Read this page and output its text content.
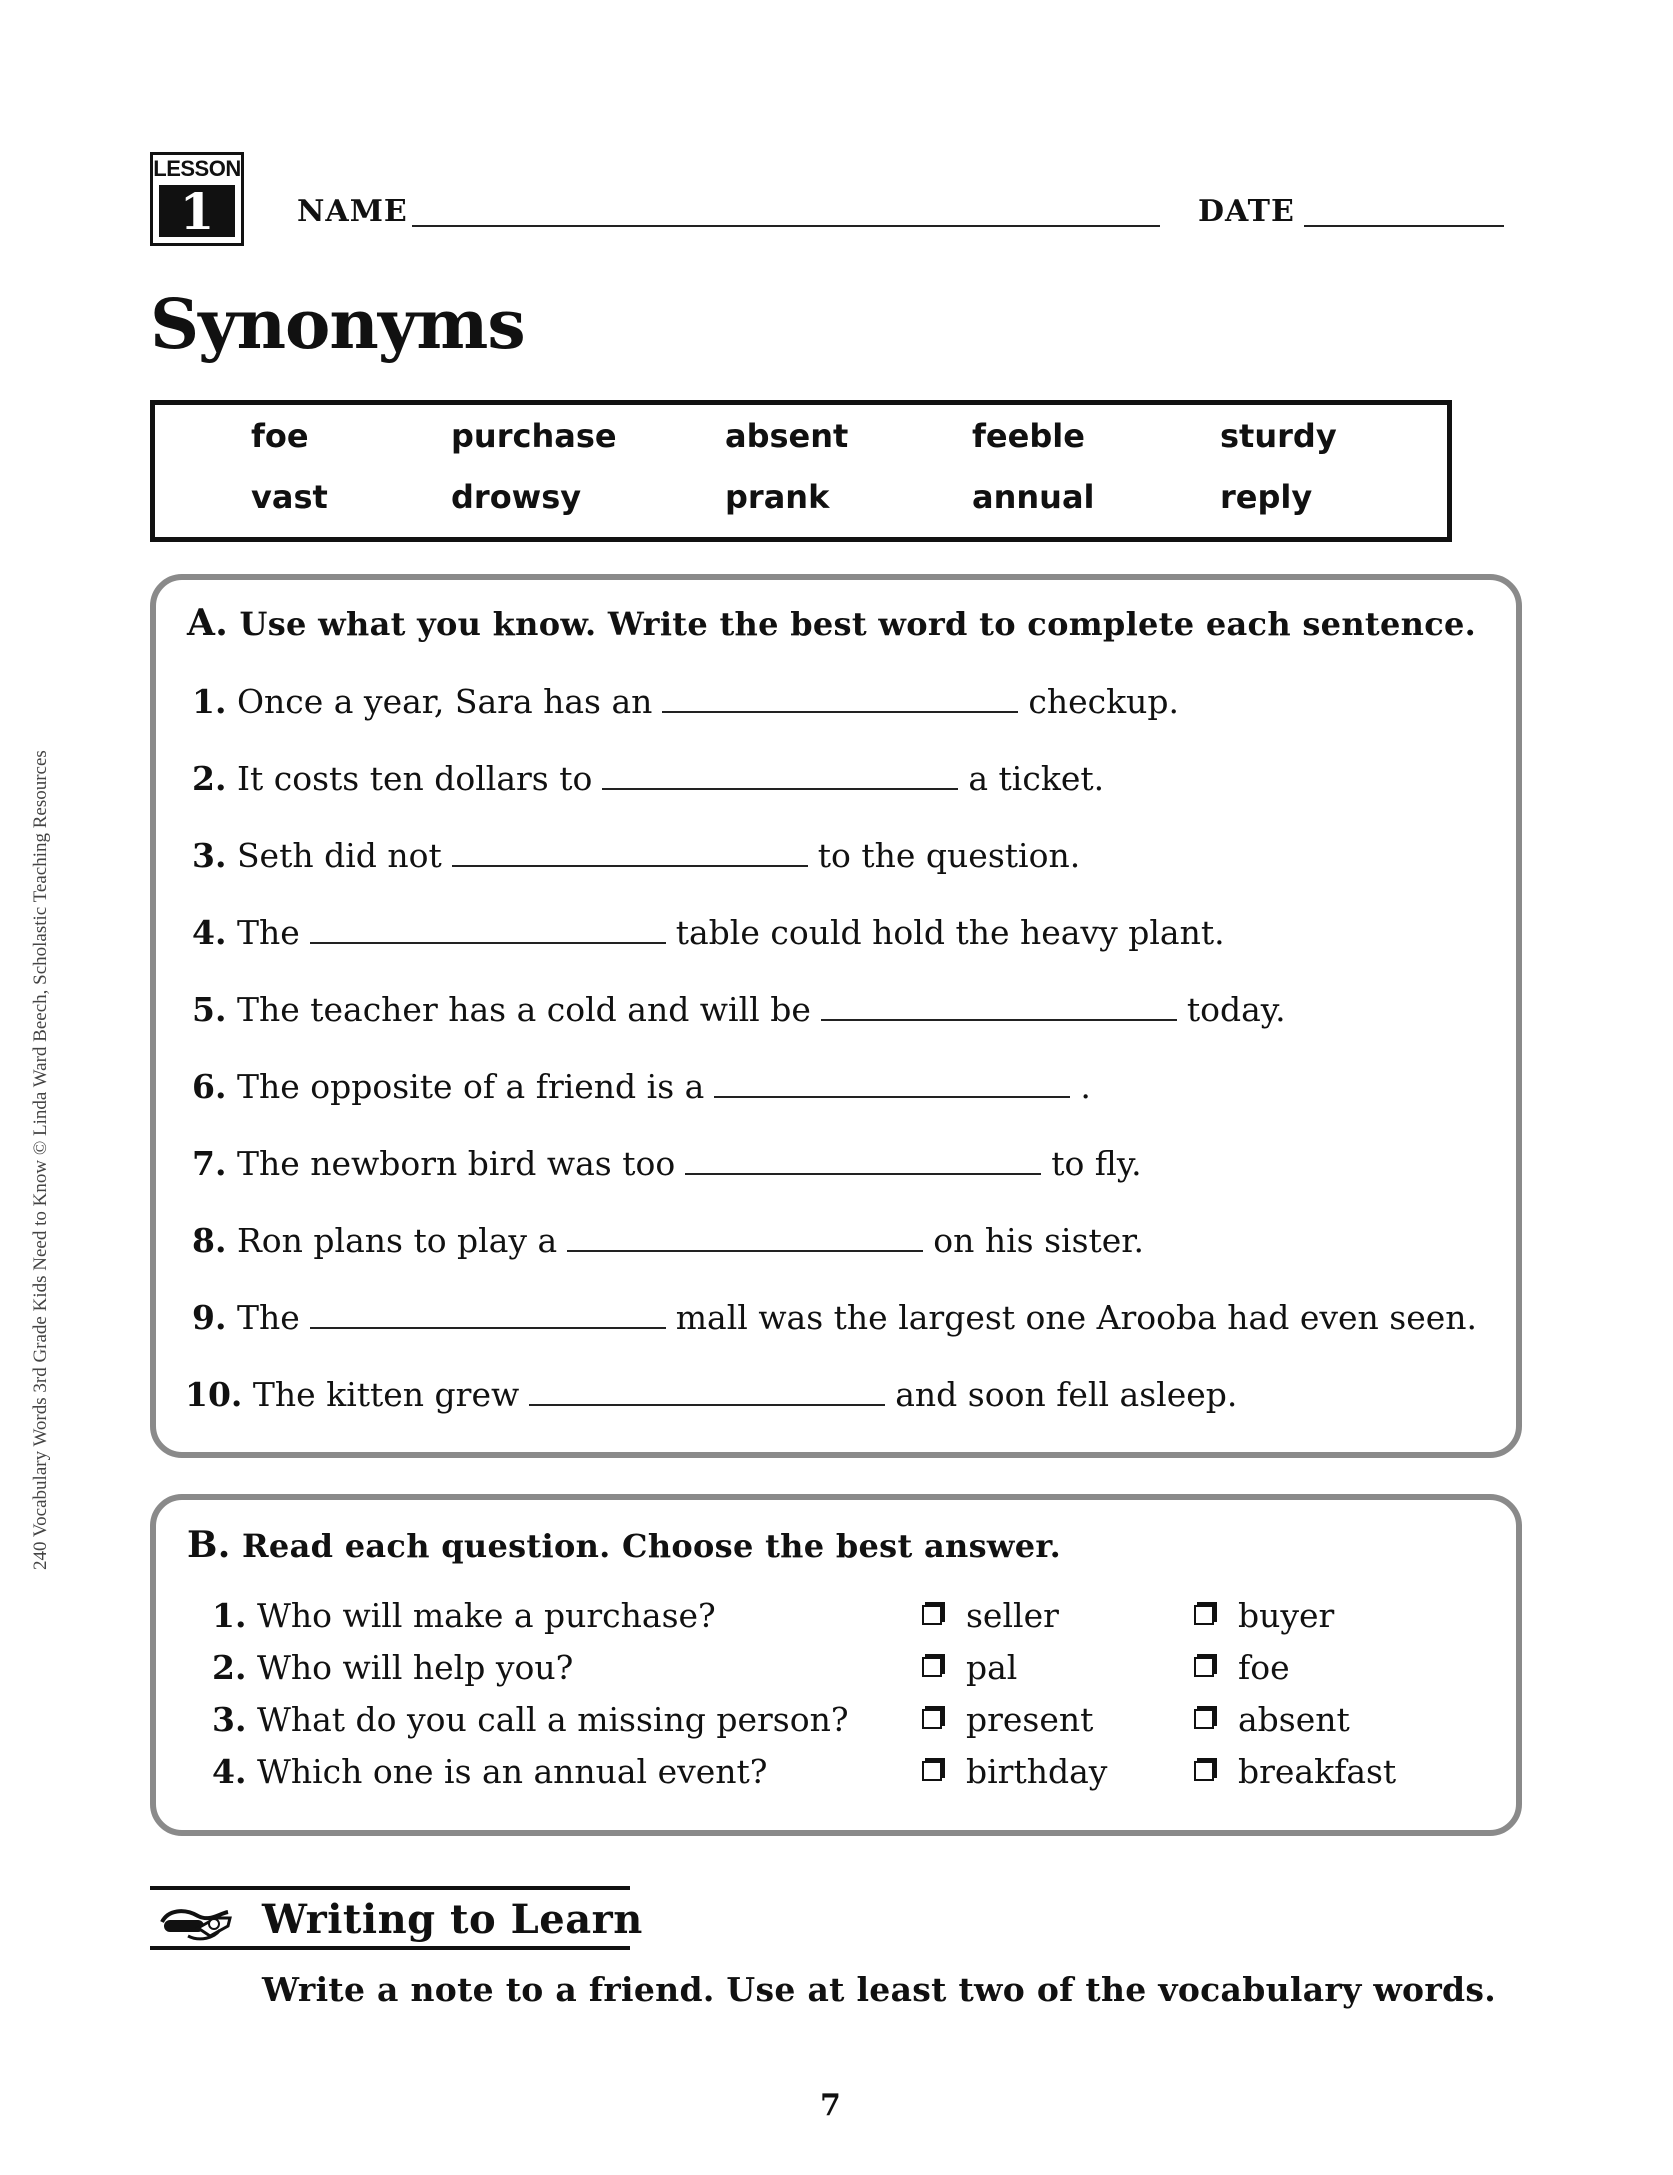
240 Vocabulary Words 3rd Grade Kids Need to Know © Linda Ward Beech, Scholastic Teaching Resources
LESSON
1	NAME	DATE
Synonyms
foe	purchase	absent	feeble	sturdy
vast	drowsy	prank	annual	reply
A. Use what you know. Write the best word to complete each sentence.
1. Once a year, Sara has an	checkup.
2. It costs ten dollars to	a ticket.
3. Seth did not	to the question.
4. The	table could hold the heavy plant.
5. The teacher has a cold and will be	today.
6. The opposite of a friend is a	.
7. The newborn bird was too	to fly.
8. Ron plans to play a	on his sister.
9. The	mall was the largest one Arooba had even seen.
10. The kitten grew	and soon fell asleep.
B. Read each question. Choose the best answer.
1. Who will make a purchase?	seller	buyer
2. Who will help you?	pal	foe
3. What do you call a missing person?	present	absent
4. Which one is an annual event?	birthday	breakfast
Writing to Learn
Write a note to a friend. Use at least two of the vocabulary words.
7
